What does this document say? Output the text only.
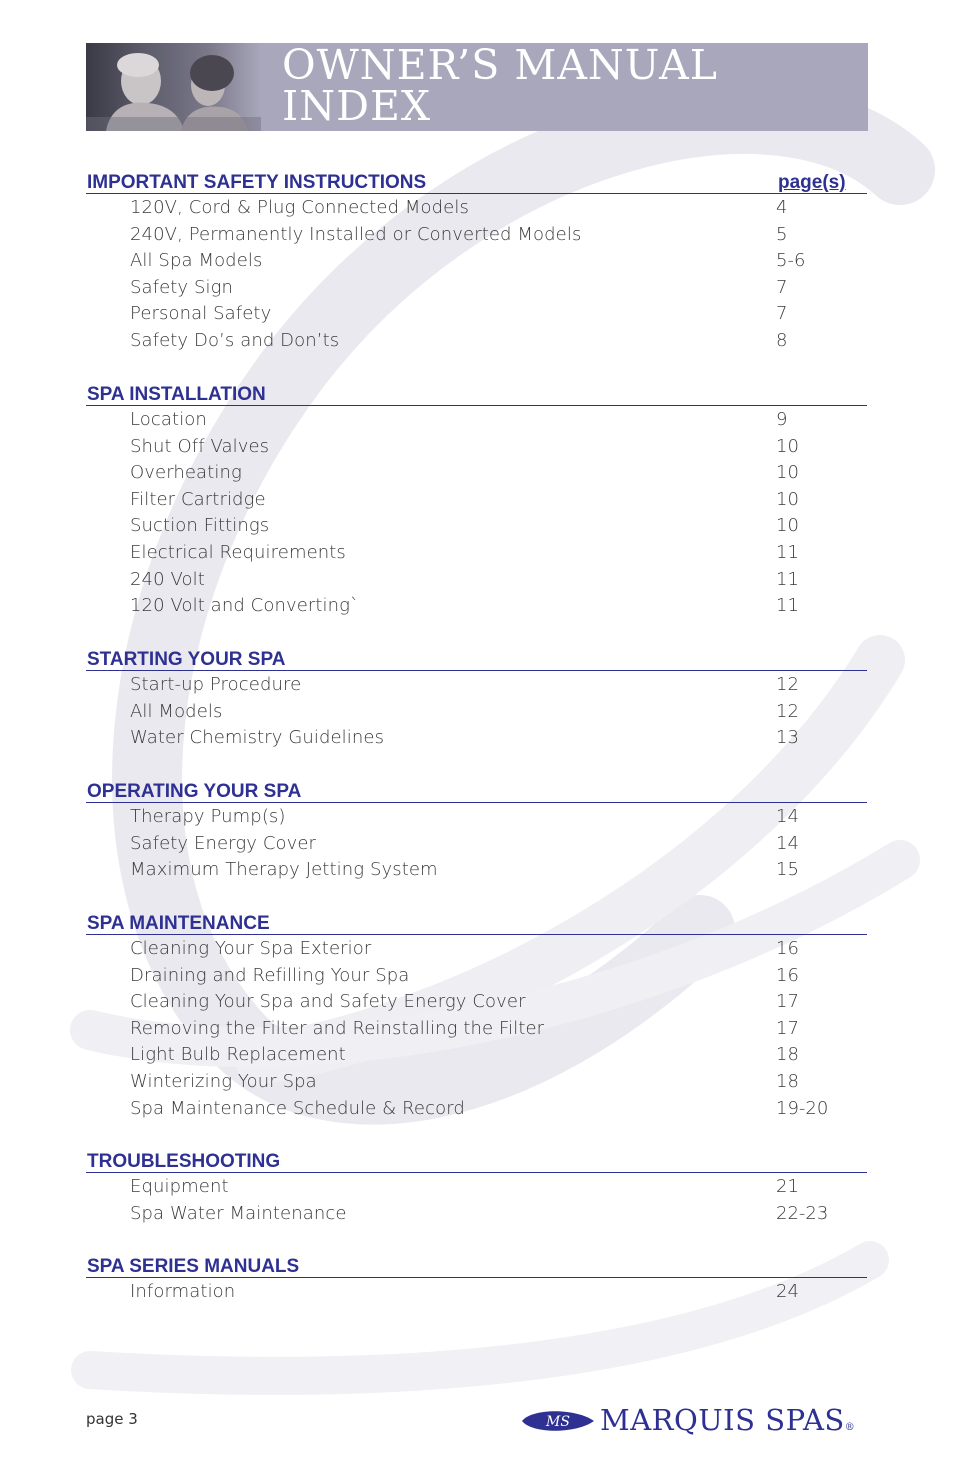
OWNER’S MANUAL
INDEX
IMPORTANT SAFETY INSTRUCTIONS	page(s)
120V, Cord & Plug Connected Models	4
240V, Permanently Installed or Converted Models	5
All Spa Models	5-6
Safety Sign	7
Personal Safety	7
Safety Do’s and Don’ts	8
SPA INSTALLATION
Location	9
Shut Off Valves	10
Overheating	10
Filter Cartridge	10
Suction Fittings	10
Electrical Requirements	11
240 Volt	11
120 Volt and Converting`	11
STARTING YOUR SPA
Start-up Procedure	12
All Models	12
Water Chemistry Guidelines	13
OPERATING YOUR SPA
Therapy Pump(s)	14
Safety Energy Cover	14
Maximum Therapy Jetting System	15
SPA MAINTENANCE
Cleaning Your Spa Exterior	16
Draining and Refilling Your Spa	16
Cleaning Your Spa and Safety Energy Cover	17
Removing the Filter and Reinstalling the Filter	17
Light Bulb Replacement	18
Winterizing Your Spa	18
Spa Maintenance Schedule & Record	19-20
TROUBLESHOOTING
Equipment	21
Spa Water Maintenance	22-23
SPA SERIES MANUALS
Information	24
page 3	MS MARQUIS SPAS®
